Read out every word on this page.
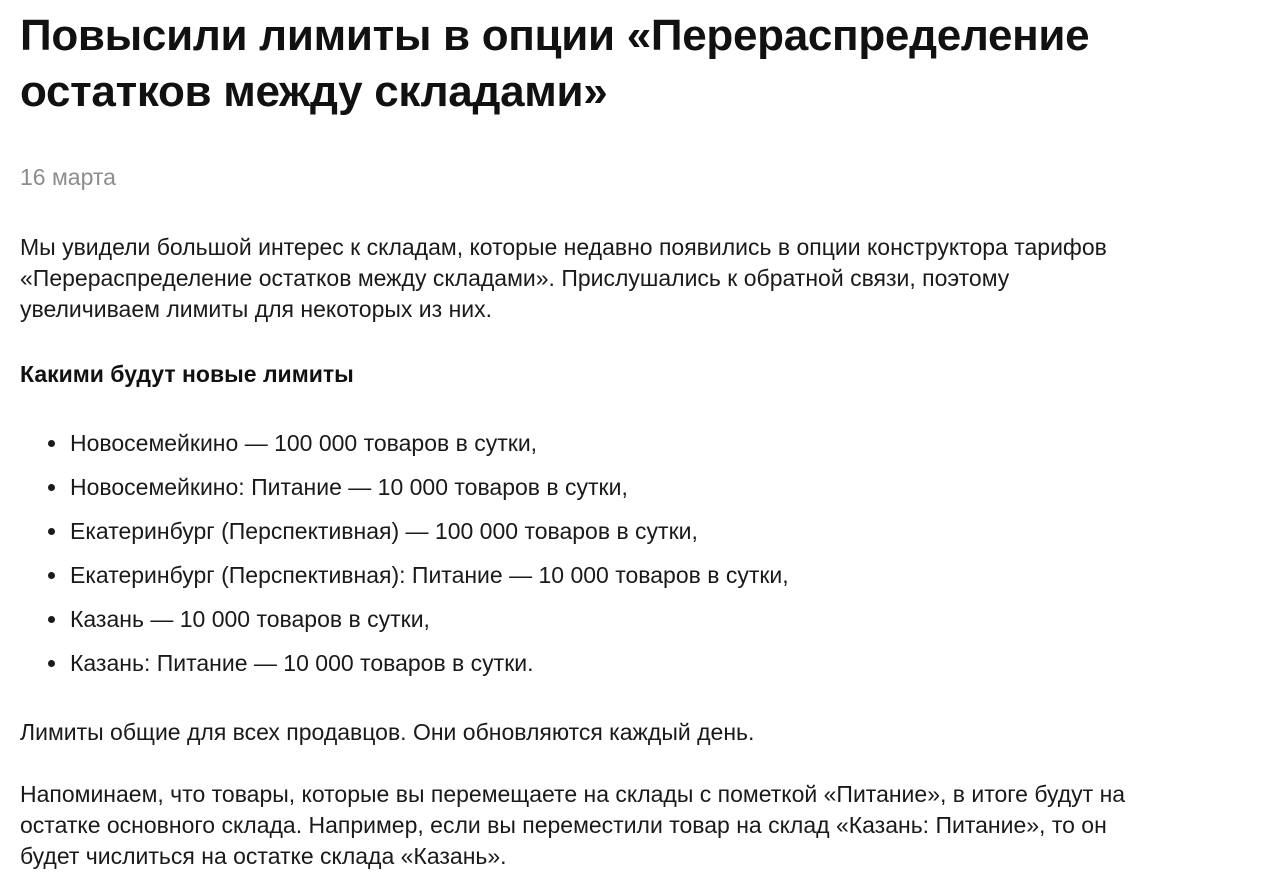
Повысили лимиты в опции «Перераспределение
остатков между складами»
16 марта

Мы увидели большой интерес к складам, которые недавно появились в опции конструктора тарифов
«Перераспределение остатков между складами». Прислушались к обратной связи, поэтому
увеличиваем лимиты для некоторых из них.

Какими будут новые лимиты
Новосемейкино — 100 000 товаров в сутки,
Новосемейкино: Питание — 10 000 товаров в сутки,
Екатеринбург (Перспективная) — 100 000 товаров в сутки,
Екатеринбург (Перспективная): Питание — 10 000 товаров в сутки,
Казань — 10 000 товаров в сутки,
Казань: Питание — 10 000 товаров в сутки.

Лимиты общие для всех продавцов. Они обновляются каждый день.

Напоминаем, что товары, которые вы перемещаете на склады с пометкой «Питание», в итоге будут на
остатке основного склада. Например, если вы переместили товар на склад «Казань: Питание», то он
будет числиться на остатке склада «Казань».
